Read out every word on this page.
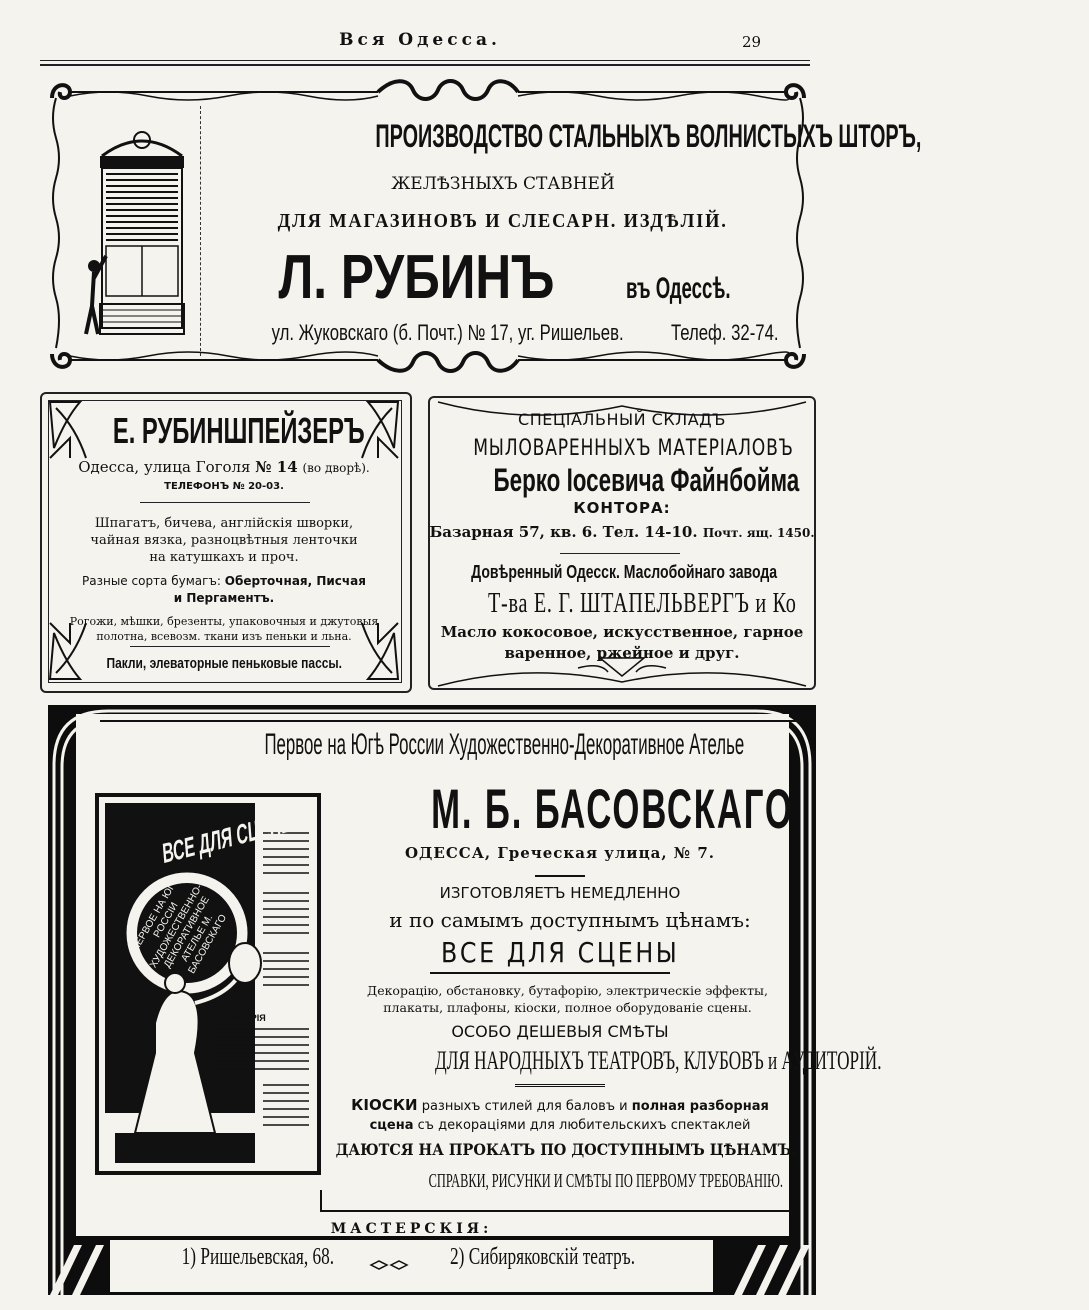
Вся Одесса.	29
ПРОИЗВОДСТВО СТАЛЬНЫХЪ ВОЛНИСТЫХЪ ШТОРЪ,
ЖЕЛѢЗНЫХЪ СТАВНЕЙ
ДЛЯ МАГАЗИНОВЪ И СЛЕСАРН. ИЗДѢЛІЙ.
Л. РУБИНЪ въ Одессѣ.
ул. Жуковскаго (б. Почт.) № 17, уг. Ришельев. Телеф. 32-74.
Е. РУБИНШПЕЙЗЕРЪ
Одесса, улица Гоголя № 14 (во дворѣ).
ТЕЛЕФОНЪ № 20-03.
Шпагатъ, бичева, англійскія шворки,
чайная вязка, разноцвѣтныя ленточки
на катушкахъ и проч.
Разные сорта бумагъ: Оберточная, Писчая
и Пергаментъ.
Рогожи, мѣшки, брезенты, упаковочныя и джутовыя
полотна, всевозм. ткани изъ пеньки и льна.
Пакли, элеваторные пеньковые пассы.
СПЕЦІАЛЬНЫЙ СКЛАДЪ
МЫЛОВАРЕННЫХЪ МАТЕРІАЛОВЪ
Берко Іосевича Файнбойма
КОНТОРА:
Базарная 57, кв. 6. Тел. 14-10. Почт. ящ. 1450.
Довѣренный Одесск. Маслобойнаго завода
Т-ва Е. Г. ШТАПЕЛЬВЕРГЪ и Ко
Масло кокосовое, искусственное, гарное
варенное, ржейное и друг.
Первое на Югѣ России Художественно-Декоративное Ателье
ВСЕ ДЛЯ СЦЕНЫ!
ПЕРВОЕ НА ЮГѢ РОССІИ ХУДОЖЕСТВЕННО-ДЕКОРАТИВНОЕ АТЕЛЬЕ М. БАСОВСКАГО
БУТАФОРІЯ
М. Б. БАСОВСКАГО
ОДЕССА, Греческая улица, № 7.
ИЗГОТОВЛЯЕТЪ НЕМЕДЛЕННО
и по самымъ доступнымъ цѣнамъ:
ВСЕ ДЛЯ СЦЕНЫ
Декорацію, обстановку, бутафорію, электрическіе эффекты,
плакаты, плафоны, кіоски, полное оборудованіе сцены.
ОСОБО ДЕШЕВЫЯ СМѢТЫ
ДЛЯ НАРОДНЫХЪ ТЕАТРОВЪ, КЛУБОВЪ и АУДИТОРІЙ.
КІОСКИ разныхъ стилей для баловъ и полная разборная
сцена съ декораціями для любительскихъ спектаклей
ДАЮТСЯ НА ПРОКАТЪ ПО ДОСТУПНЫМЪ ЦѢНАМЪ.
СПРАВКИ, РИСУНКИ И СМѢТЫ ПО ПЕРВОМУ ТРЕБОВАНІЮ.
МАСТЕРСКІЯ:
1) Ришельевская, 68.	2) Сибиряковскій театръ.
